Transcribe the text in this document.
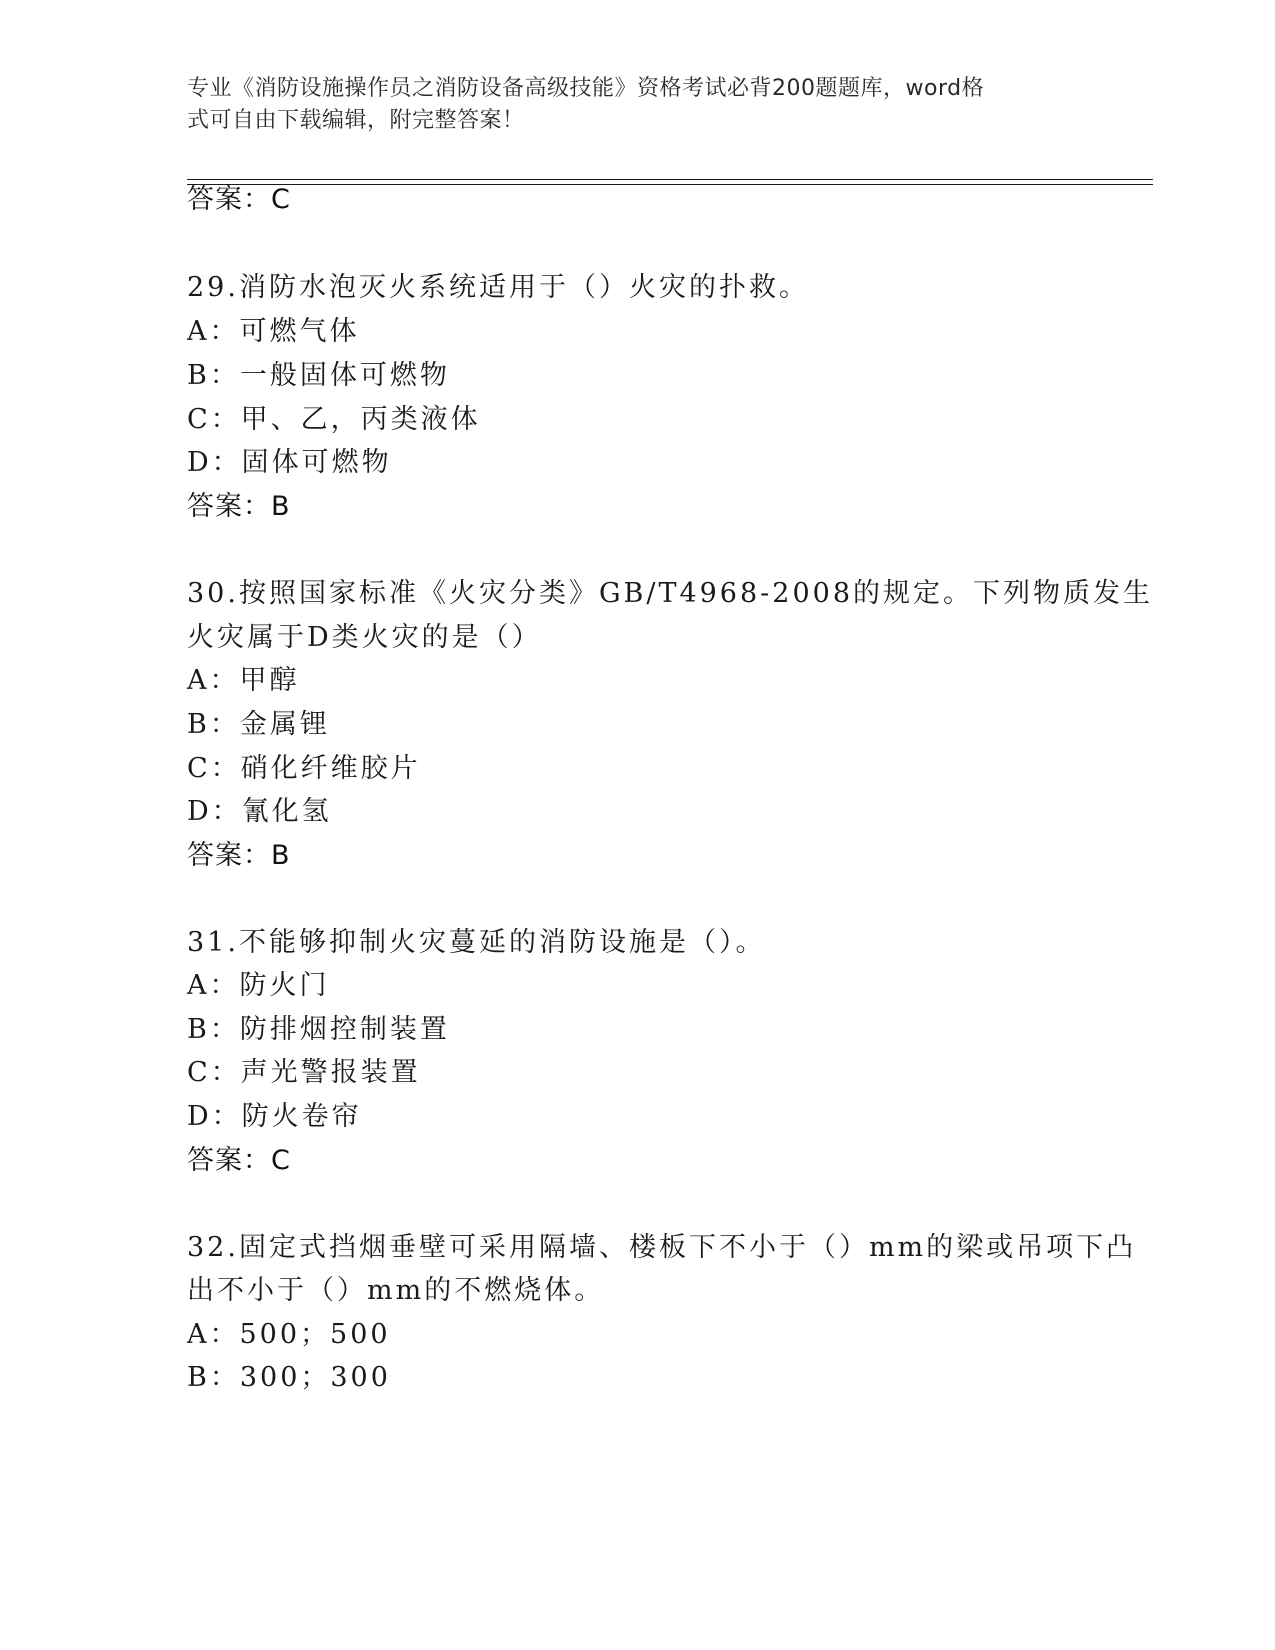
专业《消防设施操作员之消防设备高级技能》资格考试必背200题题库，word格
式可自由下载编辑，附完整答案！
答案：C
29.消防水泡灭火系统适用于（）火灾的扑救。
A：可燃气体
B：一般固体可燃物
C：甲、乙，丙类液体
D：固体可燃物
答案：B
30.按照国家标准《火灾分类》GB/T4968-2008的规定。下列物质发生
火灾属于D类火灾的是（）
A：甲醇
B：金属锂
C：硝化纤维胶片
D：氰化氢
答案：B
31.不能够抑制火灾蔓延的消防设施是（）。
A：防火门
B：防排烟控制装置
C：声光警报装置
D：防火卷帘
答案：C
32.固定式挡烟垂壁可采用隔墙、楼板下不小于（）mm的梁或吊项下凸
出不小于（）mm的不燃烧体。
A：500；500
B：300；300
